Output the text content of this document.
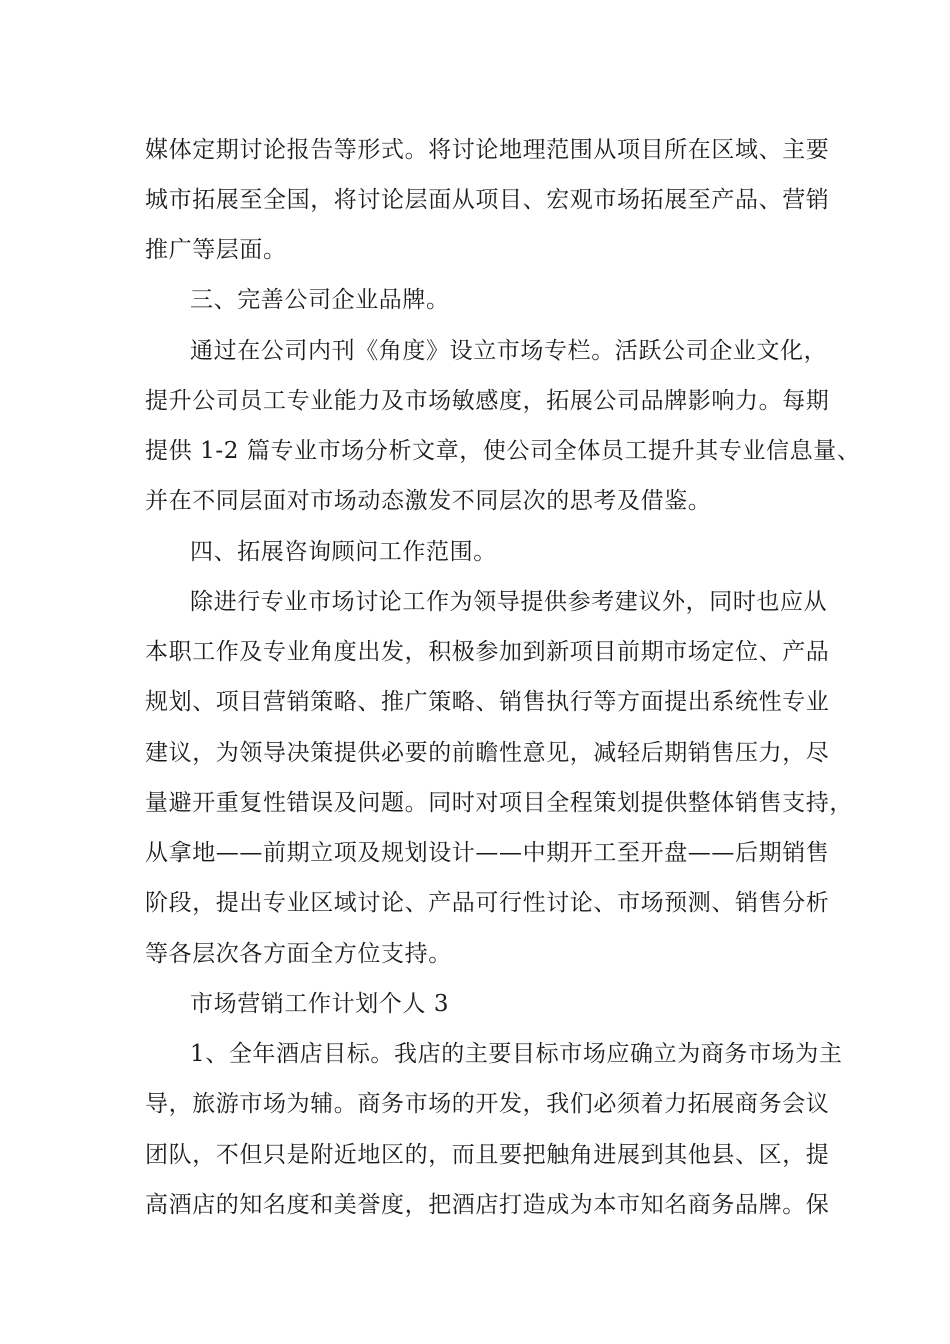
媒体定期讨论报告等形式。将讨论地理范围从项目所在区域、主要
城市拓展至全国，将讨论层面从项目、宏观市场拓展至产品、营销
推广等层面。
三、完善公司企业品牌。
通过在公司内刊《角度》设立市场专栏。活跃公司企业文化，
提升公司员工专业能力及市场敏感度，拓展公司品牌影响力。每期
提供 1-2 篇专业市场分析文章，使公司全体员工提升其专业信息量、
并在不同层面对市场动态激发不同层次的思考及借鉴。
四、拓展咨询顾问工作范围。
除进行专业市场讨论工作为领导提供参考建议外，同时也应从
本职工作及专业角度出发，积极参加到新项目前期市场定位、产品
规划、项目营销策略、推广策略、销售执行等方面提出系统性专业
建议，为领导决策提供必要的前瞻性意见，减轻后期销售压力，尽
量避开重复性错误及问题。同时对项目全程策划提供整体销售支持，
从拿地——前期立项及规划设计——中期开工至开盘——后期销售
阶段，提出专业区域讨论、产品可行性讨论、市场预测、销售分析
等各层次各方面全方位支持。
市场营销工作计划个人 3
1、全年酒店目标。我店的主要目标市场应确立为商务市场为主
导，旅游市场为辅。商务市场的开发，我们必须着力拓展商务会议
团队，不但只是附近地区的，而且要把触角进展到其他县、区，提
高酒店的知名度和美誉度，把酒店打造成为本市知名商务品牌。保
